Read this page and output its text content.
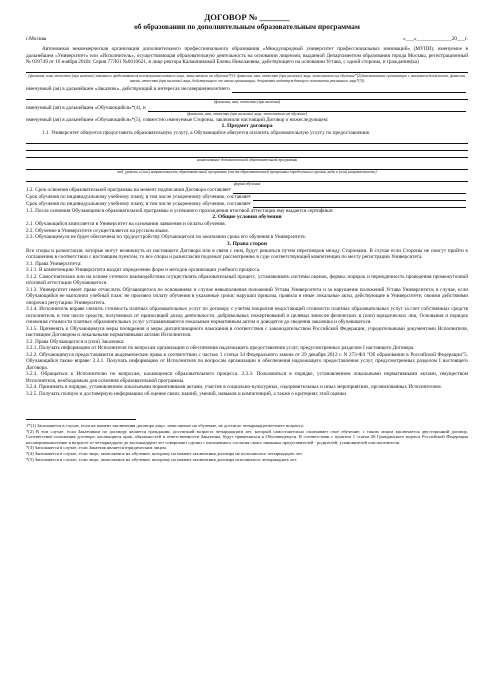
ДОГОВОР № _______
об образовании по дополнительным образовательным программам
г.Москва	«___»_____________20___г.

Автономная некоммерческая организация дополнительного профессионального образования «Международный университет профессиональных инноваций» (МУПИ), именуемое в дальнейшем «Университет» или «Исполнитель», осуществляющая образовательную деятельность на основании лицензии, выданной Департаментом образования города Москвы, регистрационный № 039749 от 16 ноября 2018г. Серия 77Л01 №0010621, в лице ректора Калашниковой Елены Николаевны, действующего на основании Устава, с одной стороны, и гражданин(ка)

(фамилия, имя, отчество (при наличии) законного представителя несовершеннолетнего лица, зачисляемого на обучение*(1)/ фамилия, имя, отчество (при наличии) лица, зачисляемого на обучение*(2)/наименование организации с указанием должности, фамилии, имени, отчества (при наличии) лица, действующего от имени организации, документа подтверждающего полномочия указанного лица*(3))

именуемый (ая) в дальнейшем «Заказчик», действующий в интересах несовершеннолетнего

(фамилия, имя, отчество (при наличии)

именуемый (ая) в дальнейшем «Обучающийся»*(4), и

(фамилия, имя, отчество (при наличии) лица, зачисляемого на обучение)

именуемый (ая) в дальнейшем «Обучающийся»*(5), совместно именуемые Стороны, заключили настоящий Договор о нижеследующем:

1. Предмет договора

1.1. Университет обязуется предоставить образовательную услугу, а Обучающийся обязуется оплатить образовательную услугу по предоставлению

наименование дополнительной образовательной программы

вид, уровень и (или) направленность образовательной программы (часть образовательной программы определенного уровня, вида и (или) направленности)

форма обучения

1.2. Срок освоения образовательной программы на момент подписания Договора составляет
Срок обучения по индивидуальному учебному плану, в том числе ускоренному обучению, составляет
Срок обучения по индивидуальному учебному плану, в том числе ускоренному обучению, составляет

1.3. После освоения Обучающимся образовательной программы и успешного прохождения итоговой аттестации ему выдается сертификат.

2. Общие условия обучения

2.1. Обучающийся зачисляется в Университет на основании заявления и оплаты обучения.

2.2. Обучение в Университете осуществляется на русском языке.

2.3. Обучающемуся не будет обеспечена по трудоустройству Обучающегося по окончании срока его обучения в Университете.

3. Права сторон

Все споры и разногласия, которые могут возникнуть из настоящего Договора или в связи с ним, будут решаться путем переговоров между Сторонами. В случае если Стороны не смогут прийти к соглашению в соответствии с настоящим пунктом, то все споры и разногласия подлежат рассмотрению в суде соответствующей компетенции по месту регистрации Университета.

3.1. Права Университета:

3.1.1. В компетенцию Университета входит определение форм и методов организации учебного процесса.

3.1.2. Самостоятельно или на основе сетевого взаимодействия осуществлять образовательный процесс, устанавливать системы оценок, формы, порядок и периодичность проведения промежуточной итоговой аттестации Обучающегося.

3.1.3. Университет имеет право отчислить Обучающегося по основаниям: в случае невыполнения положений Устава Университета и за нарушение положений Устава Университета; в случае, если Обучающийся не выполнил учебный план; не произвел оплату обучения в указанные сроки; нарушил приказы, правила и иные локальные акты, действующие в Университете; своими действиями опорочил репутацию Университета.

3.1.4. Исполнитель вправе снизить стоимость платных образовательных услуг по договору с учетом покрытия недостающей стоимости платных образовательных услуг за счет собственных средств исполнителя, в том числе средств, полученных от приносящей доход деятельности, добровольных пожертвований и целевых взносов физических и (или) юридических лиц. Основания и порядок снижения стоимости платных образовательных услуг устанавливаются локальным нормативным актом и доводятся до сведения заказчика и обучающегося.

3.1.5. Применять к Обучающемуся меры поощрения и меры дисциплинарного взыскания в соответствии с законодательством Российской Федерации, учредительными документами Исполнителя, настоящим Договором и локальными нормативными актами Исполнителя.

3.2. Права Обучающегося и (или) Заказчика:

3.2.1. Получать информацию от Исполнителя по вопросам организации и обеспечения надлежащего предоставления услуг, предусмотренных разделом I настоящего Договора.

3.2.2. Обучающемуся предоставляются академические права в соответствии с частью 1 статьи 34 Федерального закона от 29 декабря 2012 г. N 273-ФЗ "Об образовании в Российской Федерации"5. Обучающийся также вправе: 2.3.1. Получать информацию от Исполнителя по вопросам организации и обеспечения надлежащего предоставления услуг, предусмотренных разделом I настоящего Договора.

3.2.3. Обращаться к Исполнителю по вопросам, касающимся образовательного процесса. 2.3.3. Пользоваться в порядке, установленном локальными нормативными актами, имуществом Исполнителя, необходимым для освоения образовательной программы.

3.2.4. Принимать в порядке, установленном локальными нормативными актами, участие в социально-культурных, оздоровительных и иных мероприятиях, организованных Исполнителем.

3.2.5. Получать полную и достоверную информацию об оценке своих знаний, умений, навыков и компетенций, а также о критериях этой оценки.

1*(1) Заполняется в случае, если на момент заключения договора лицо, зачисляемое на обучение, не достигло четырнадцатилетнего возраста.

*(2) В том случае, если Заказчиком по договору является гражданин, достигший возраста четырнадцати лет, который самостоятельно оплачивает свое обучение, с таким лицом заключается двусторонний договор. Соответствие положения договора, касающиеся прав, обязанностей и ответственности Заказчика, будут применяться к Обучающемуся. В соответствии с пунктом 1 статьи 26 Гражданского кодекса Российской Федерации несовершеннолетние в возрасте от четырнадцати до восемнадцати лет совершают сделки с письменного согласия своих законных представителей - родителей, усыновителей или попечителя.

*(3) Заполняется в случае, если Заказчик является юридическим лицом.

*(4) Заполняется в случае, если лицо, зачисляемое на обучение, которому на момент заключения договора не исполнилось четырнадцать лет.

*(5) Заполняется в случае, если лицо, зачисляемое на обучение, которому на момент заключения договора исполнилось четырнадцать лет.
